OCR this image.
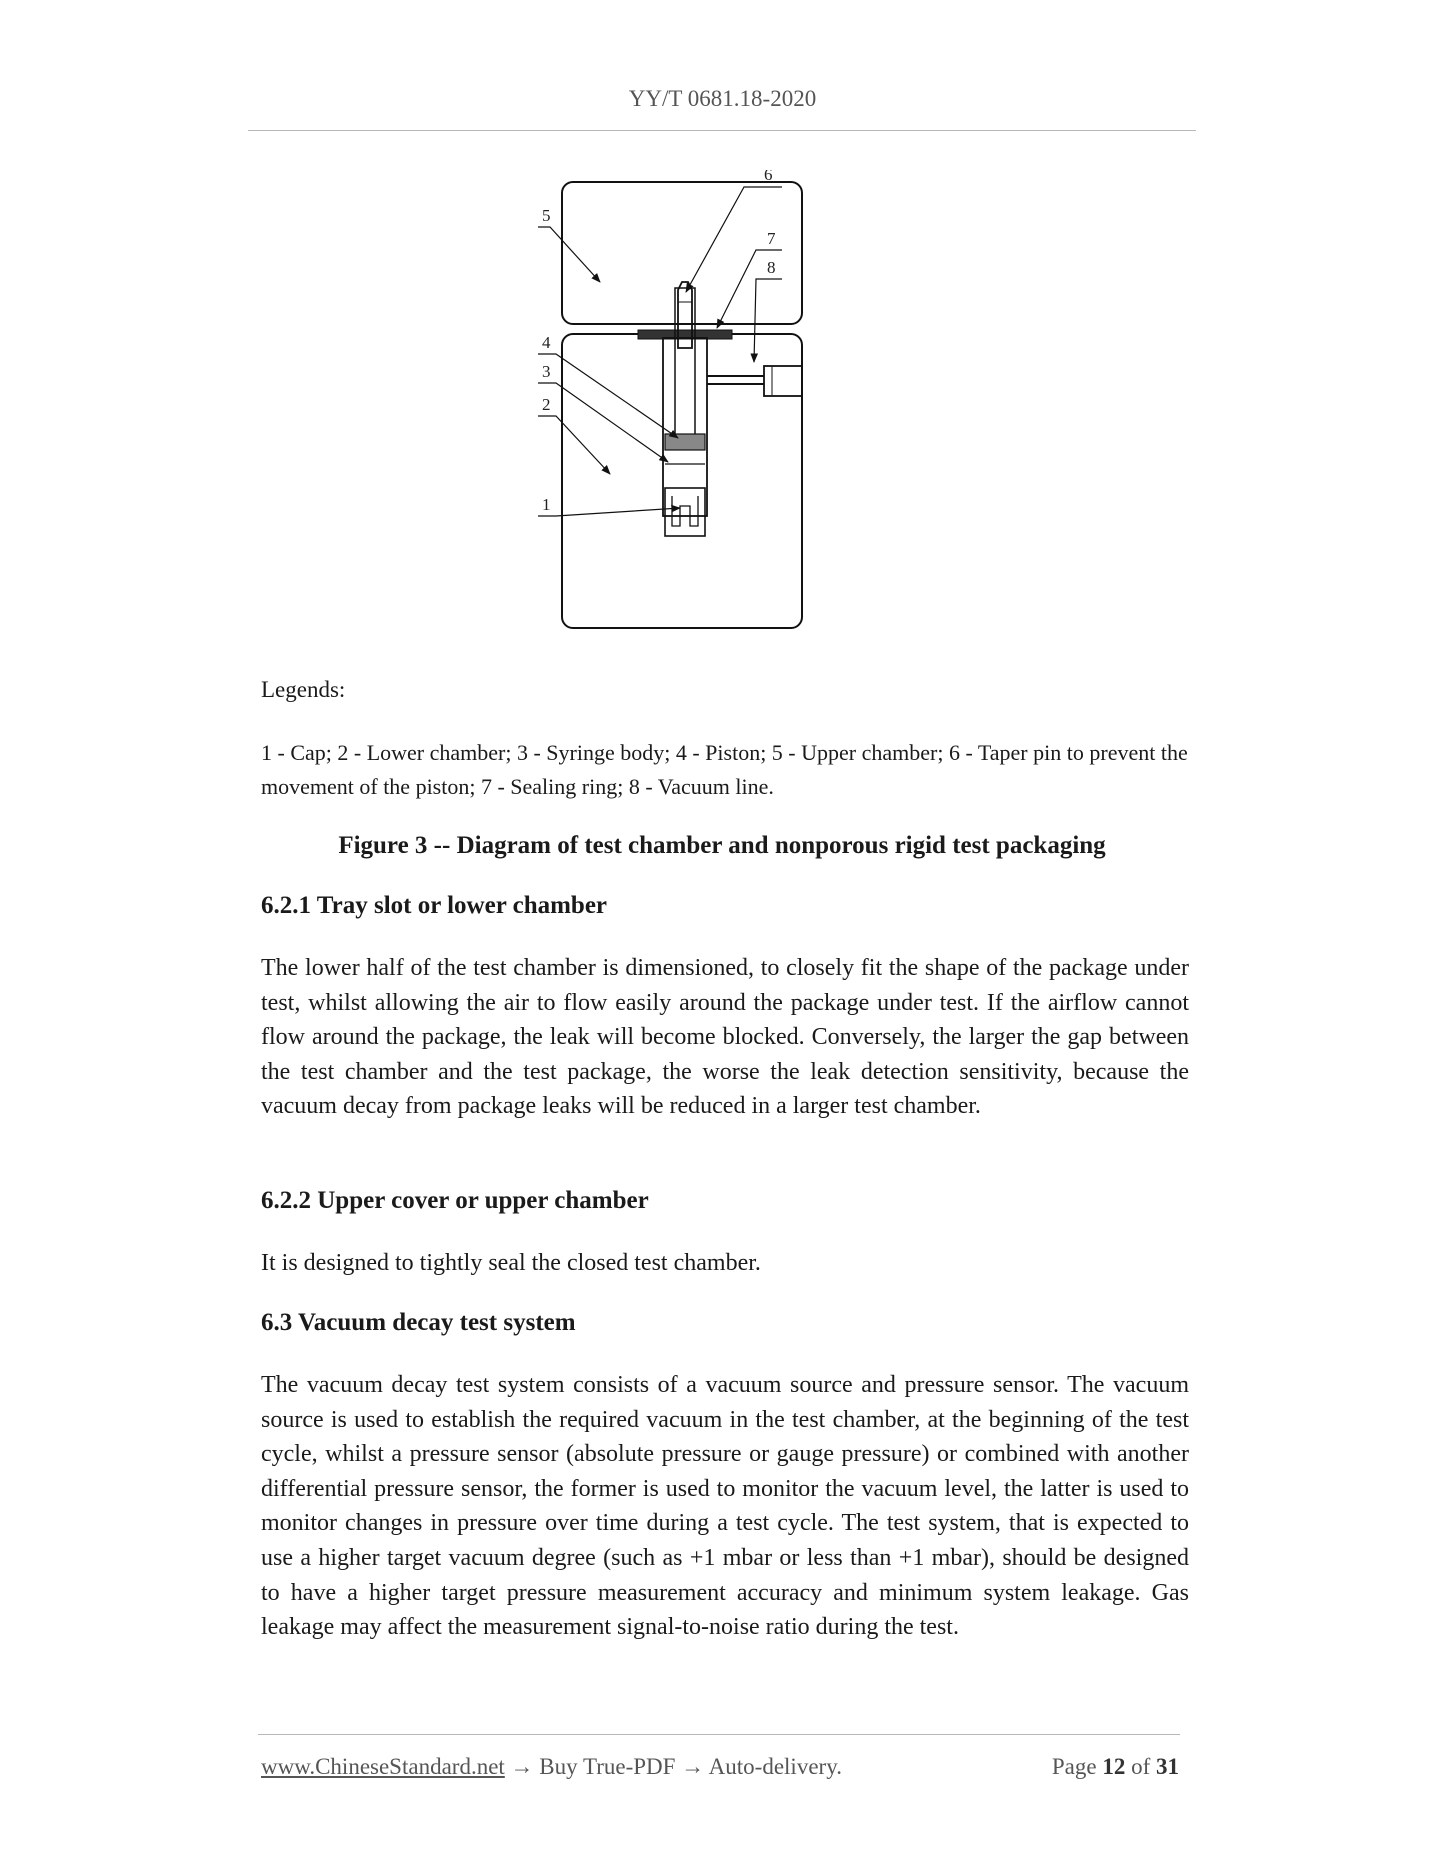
YY/T 0681.18-2020
1
2
3
4
5
6
7
8
Legends:
1 - Cap; 2 - Lower chamber; 3 - Syringe body; 4 - Piston; 5 - Upper chamber; 6 - Taper pin to prevent the movement of the piston; 7 - Sealing ring; 8 - Vacuum line.
Figure 3 -- Diagram of test chamber and nonporous rigid test packaging
6.2.1 Tray slot or lower chamber
The lower half of the test chamber is dimensioned, to closely fit the shape of the package under test, whilst allowing the air to flow easily around the package under test. If the airflow cannot flow around the package, the leak will become blocked. Conversely, the larger the gap between the test chamber and the test package, the worse the leak detection sensitivity, because the vacuum decay from package leaks will be reduced in a larger test chamber.
6.2.2 Upper cover or upper chamber
It is designed to tightly seal the closed test chamber.
6.3 Vacuum decay test system
The vacuum decay test system consists of a vacuum source and pressure sensor. The vacuum source is used to establish the required vacuum in the test chamber, at the beginning of the test cycle, whilst a pressure sensor (absolute pressure or gauge pressure) or combined with another differential pressure sensor, the former is used to monitor the vacuum level, the latter is used to monitor changes in pressure over time during a test cycle. The test system, that is expected to use a higher target vacuum degree (such as +1 mbar or less than +1 mbar), should be designed to have a higher target pressure measurement accuracy and minimum system leakage. Gas leakage may affect the measurement signal-to-noise ratio during the test.
www.ChineseStandard.net → Buy True-PDF → Auto-delivery.	Page 12 of 31
